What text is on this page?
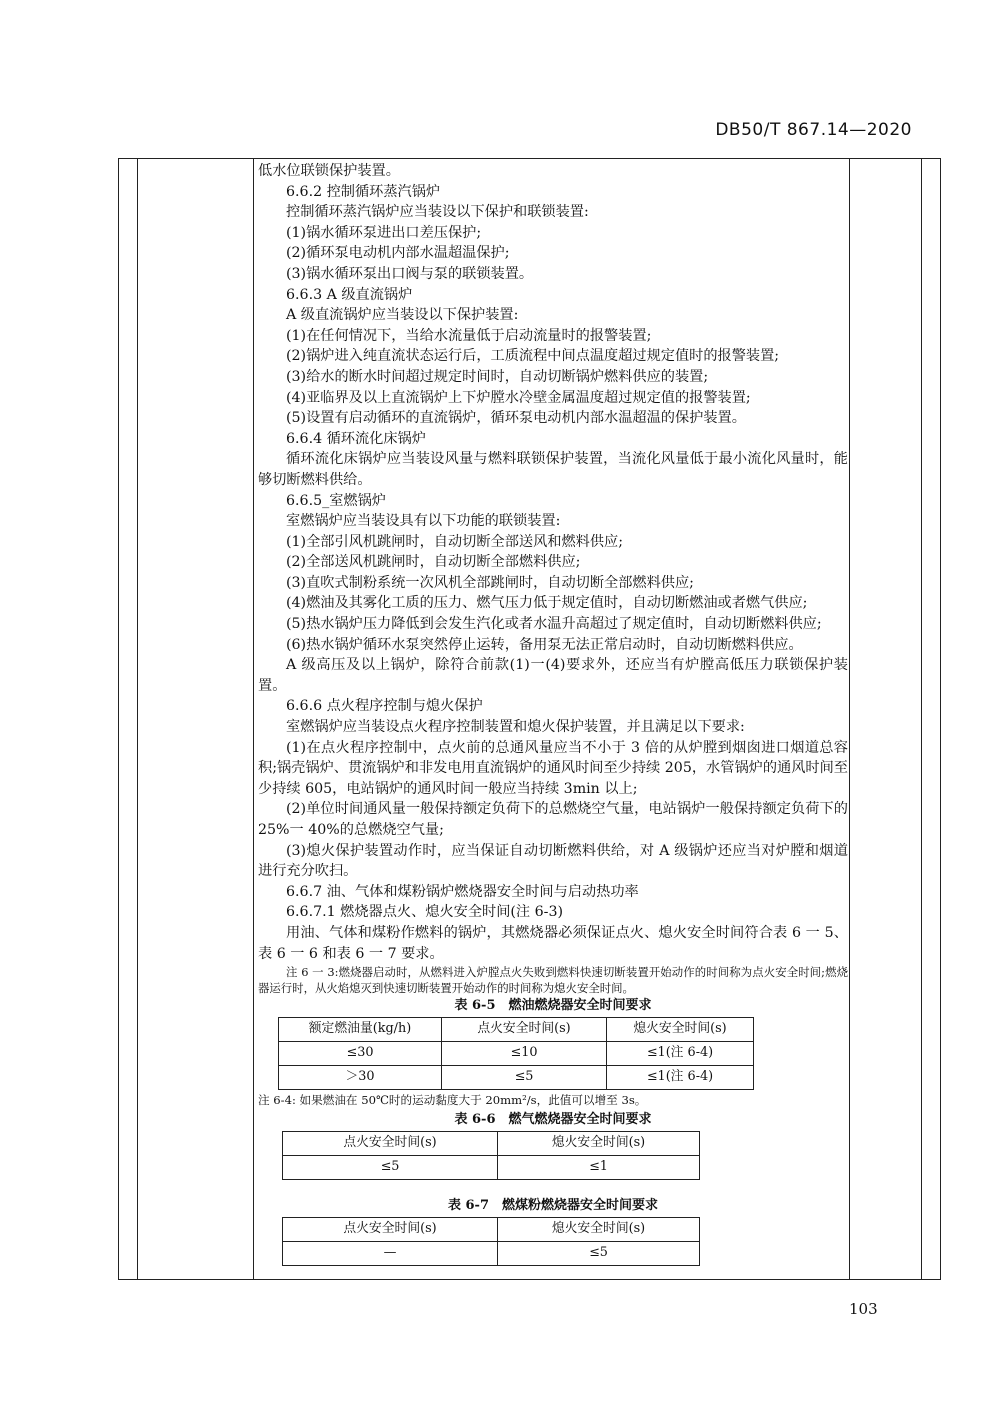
DB50/T 867.14—2020

低水位联锁保护装置。

6.6.2 控制循环蒸汽锅炉

控制循环蒸汽锅炉应当装设以下保护和联锁装置:

(1)锅水循环泵进出口差压保护;

(2)循环泵电动机内部水温超温保护;

(3)锅水循环泵出口阀与泵的联锁装置。

6.6.3 A 级直流锅炉

A 级直流锅炉应当装设以下保护装置:

(1)在任何情况下，当给水流量低于启动流量时的报警装置;

(2)锅炉进入纯直流状态运行后，工质流程中间点温度超过规定值时的报警装置;

(3)给水的断水时间超过规定时间时，自动切断锅炉燃料供应的装置;

(4)亚临界及以上直流锅炉上下炉膛水冷壁金属温度超过规定值的报警装置;

(5)设置有启动循环的直流锅炉，循环泵电动机内部水温超温的保护装置。

6.6.4 循环流化床锅炉

循环流化床锅炉应当装设风量与燃料联锁保护装置，当流化风量低于最小流化风量时，能够切断燃料供给。

6.6.5_室燃锅炉

室燃锅炉应当装设具有以下功能的联锁装置:

(1)全部引风机跳闸时，自动切断全部送风和燃料供应;

(2)全部送风机跳闸时，自动切断全部燃料供应;

(3)直吹式制粉系统一次风机全部跳闸时，自动切断全部燃料供应;

(4)燃油及其雾化工质的压力、燃气压力低于规定值时，自动切断燃油或者燃气供应;

(5)热水锅炉压力降低到会发生汽化或者水温升高超过了规定值时，自动切断燃料供应;

(6)热水锅炉循环水泵突然停止运转，备用泵无法正常启动时，自动切断燃料供应。

A 级高压及以上锅炉，除符合前款(1)一(4)要求外，还应当有炉膛高低压力联锁保护装置。

6.6.6 点火程序控制与熄火保护

室燃锅炉应当装设点火程序控制装置和熄火保护装置，并且满足以下要求:

(1)在点火程序控制中，点火前的总通风量应当不小于 3 倍的从炉膛到烟囱进口烟道总容积;锅壳锅炉、贯流锅炉和非发电用直流锅炉的通风时间至少持续 205，水管锅炉的通风时间至少持续 605，电站锅炉的通风时间一般应当持续 3min 以上;

(2)单位时间通风量一般保持额定负荷下的总燃烧空气量，电站锅炉一般保持额定负荷下的 25%一 40%的总燃烧空气量;

(3)熄火保护装置动作时，应当保证自动切断燃料供给，对 A 级锅炉还应当对炉膛和烟道进行充分吹扫。

6.6.7 油、气体和煤粉锅炉燃烧器安全时间与启动热功率

6.6.7.1 燃烧器点火、熄火安全时间(注 6-3)

用油、气体和煤粉作燃料的锅炉，其燃烧器必须保证点火、熄火安全时间符合表 6 一 5、表 6 一 6 和表 6 一 7 要求。

注 6 一 3:燃烧器启动时，从燃料进入炉膛点火失败到燃料快速切断装置开始动作的时间称为点火安全时间;燃烧器运行时，从火焰熄灭到快速切断装置开始动作的时间称为熄火安全时间。

表 6-5　燃油燃烧器安全时间要求

额定燃油量(kg/h)	点火安全时间(s)	熄火安全时间(s)
≤30	≤10	≤1(注 6-4)
＞30	≤5	≤1(注 6-4)

注 6-4: 如果燃油在 50℃时的运动黏度大于 20mm²/s，此值可以增至 3s。

表 6-6　燃气燃烧器安全时间要求

点火安全时间(s)	熄火安全时间(s)
≤5	≤1

表 6-7　燃煤粉燃烧器安全时间要求

点火安全时间(s)	熄火安全时间(s)
—	≤5
103
